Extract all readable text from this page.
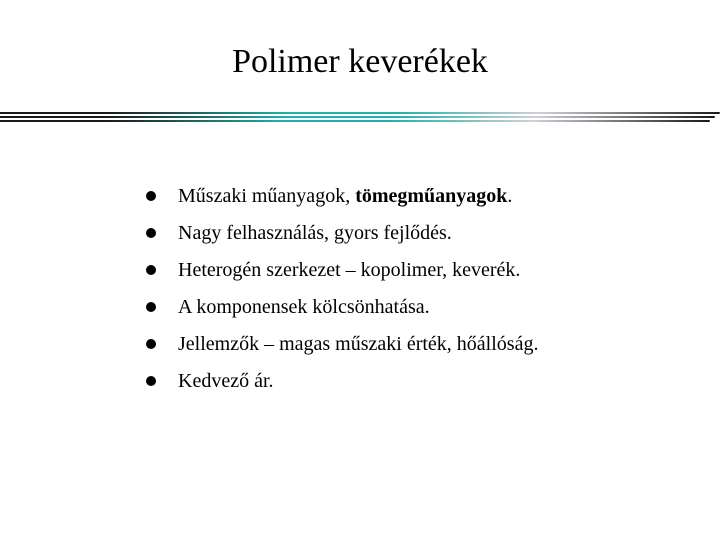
Polimer keverékek
Műszaki műanyagok, tömegműanyagok.
Nagy felhasználás, gyors fejlődés.
Heterogén szerkezet – kopolimer, keverék.
A komponensek kölcsönhatása.
Jellemzők – magas műszaki érték, hőállóság.
Kedvező ár.
